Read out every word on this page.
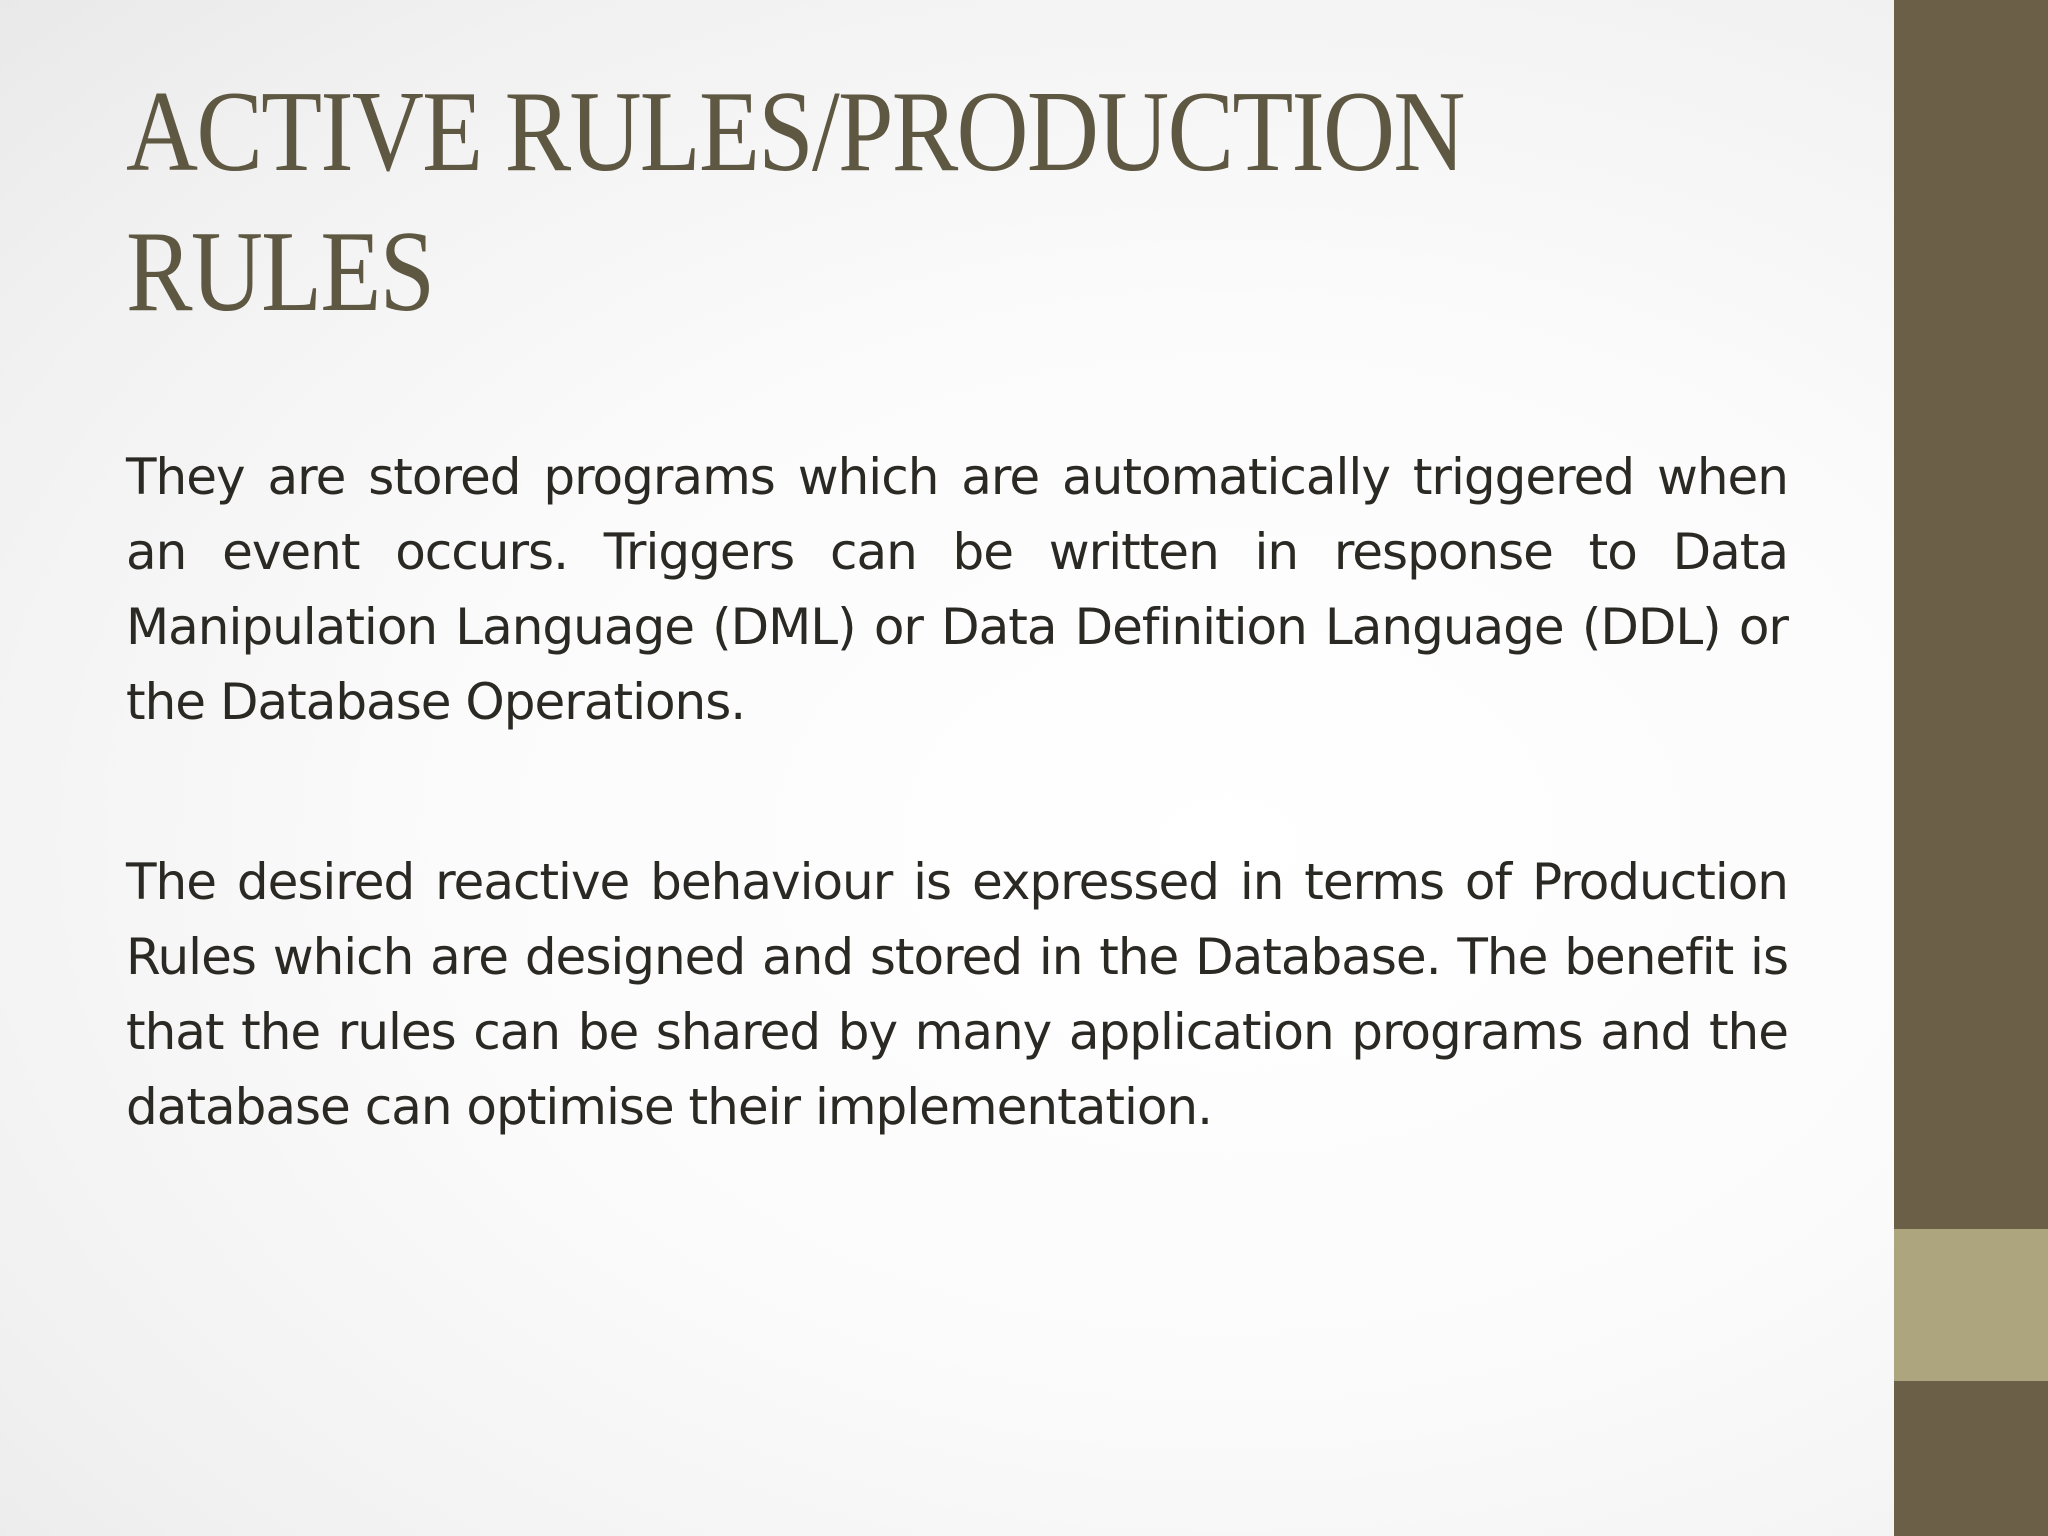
ACTIVE RULES/PRODUCTION RULES

They are stored programs which are automatically triggered when an event occurs. Triggers can be written in response to Data Manipulation Language (DML) or Data Definition Language (DDL) or the Database Operations.

The desired reactive behaviour is expressed in terms of Production Rules which are designed and stored in the Database. The benefit is that the rules can be shared by many application programs and the database can optimise their implementation.
